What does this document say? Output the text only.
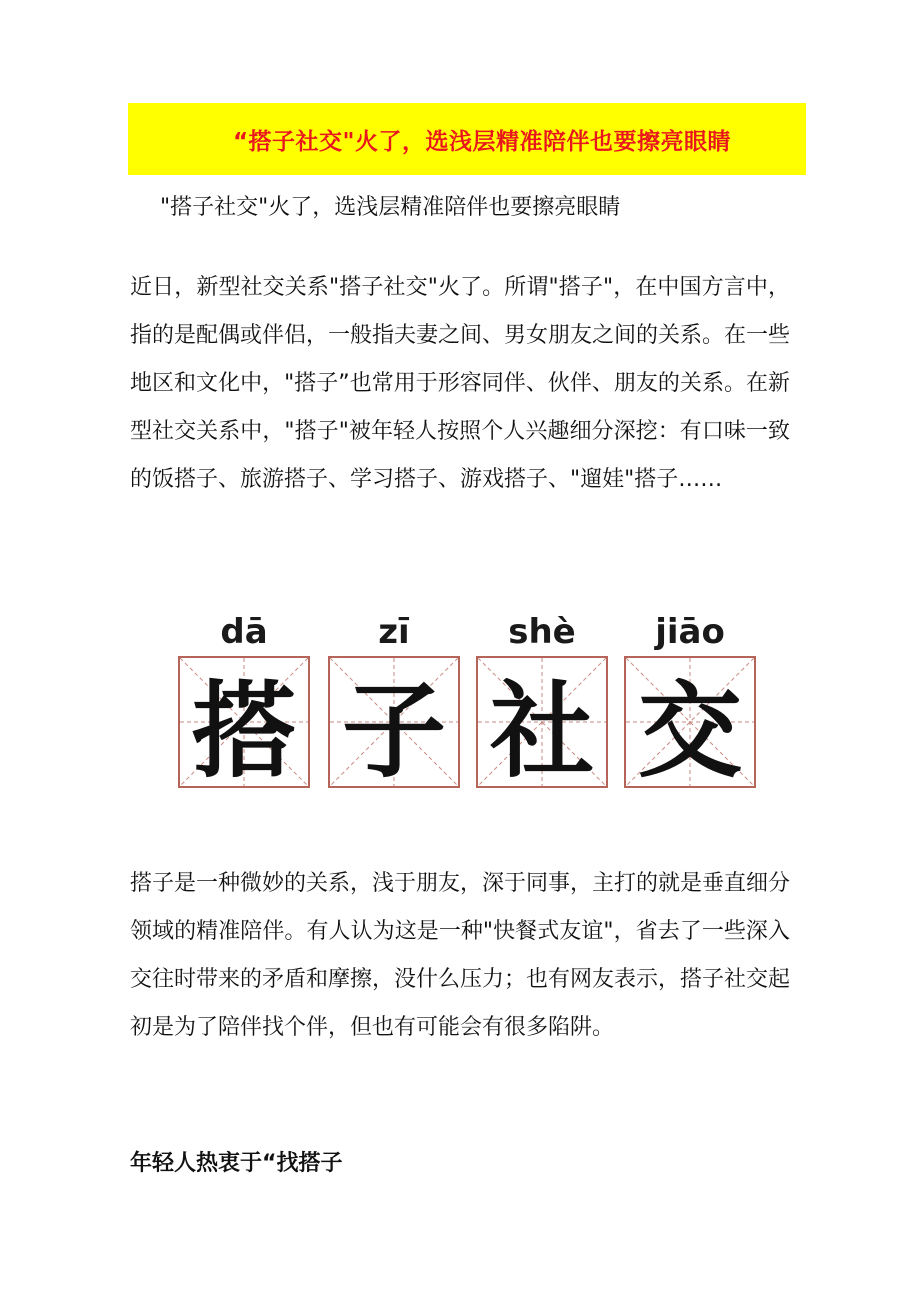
“搭子社交"火了，选浅层精准陪伴也要擦亮眼睛
"搭子社交"火了，选浅层精准陪伴也要擦亮眼睛

近日，新型社交关系"搭子社交"火了。所谓"搭子"，在中国方言中，指的是配偶或伴侣，一般指夫妻之间、男女朋友之间的关系。在一些地区和文化中，"搭子”也常用于形容同伴、伙伴、朋友的关系。在新型社交关系中，"搭子"被年轻人按照个人兴趣细分深挖：有口味一致的饭搭子、旅游搭子、学习搭子、游戏搭子、"遛娃"搭子……

dā
搭
zī
子
shè
社
jiāo
交

搭子是一种微妙的关系，浅于朋友，深于同事，主打的就是垂直细分领域的精准陪伴。有人认为这是一种"快餐式友谊"，省去了一些深入交往时带来的矛盾和摩擦，没什么压力；也有网友表示，搭子社交起初是为了陪伴找个伴，但也有可能会有很多陷阱。

年轻人热衷于“找搭子
